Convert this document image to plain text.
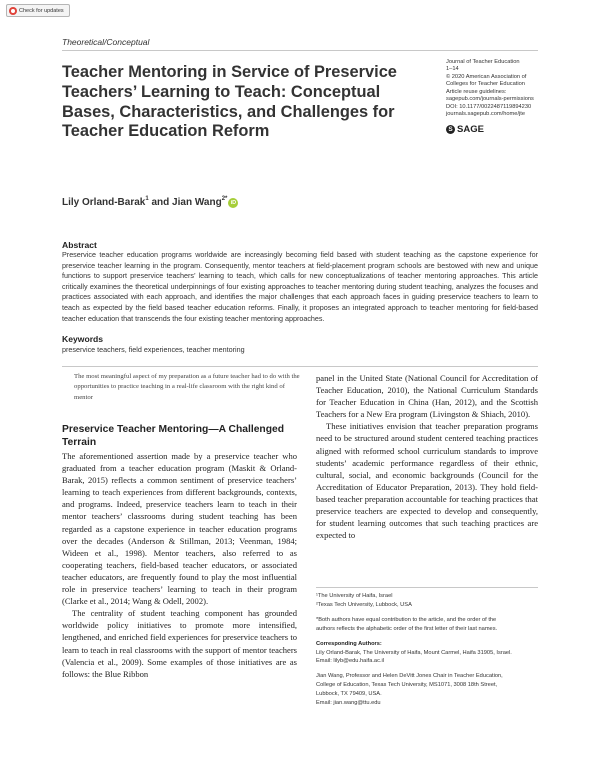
Check for updates
Theoretical/Conceptual
Teacher Mentoring in Service of Preservice Teachers’ Learning to Teach: Conceptual Bases, Characteristics, and Challenges for Teacher Education Reform
Journal of Teacher Education
1–14
© 2020 American Association of
Colleges for Teacher Education
Article reuse guidelines:
sagepub.com/journals-permissions
DOI: 10.1177/0022487119894230
journals.sagepub.com/home/jte
S SAGE
Lily Orland-Barak$^1$ and Jian Wang$^{2*}$
iD
Abstract
Preservice teacher education programs worldwide are increasingly becoming field based with student teaching as the capstone experience for preservice teacher learning in the program. Consequently, mentor teachers at field-placement program schools are bestowed with new and unique functions to support preservice teachers’ learning to teach, which calls for new conceptualizations of teacher mentoring approaches. This article critically examines the theoretical underpinnings of four existing approaches to teacher mentoring during student teaching, analyzes the focuses and practices associated with each approach, and identifies the major challenges that each approach faces in guiding preservice teachers to learn to teach as expected by the field based teacher education reforms. Finally, it proposes an integrated approach to teacher mentoring for field-based teacher education that transcends the four existing teacher mentoring approaches.
Keywords
preservice teachers, field experiences, teacher mentoring
The most meaningful aspect of my preparation as a future teacher had to do with the opportunities to practice teaching in a real-life classroom with the right kind of mentor
Preservice Teacher Mentoring—A Challenged Terrain

The aforementioned assertion made by a preservice teacher who graduated from a teacher education program (Maskit & Orland-Barak, 2015) reflects a common sentiment of preservice teachers’ learning to teach experiences from different backgrounds, contexts, and programs. Indeed, preservice teachers learn to teach in their mentor teachers’ classrooms during student teaching has been regarded as a capstone experience in teacher education programs over the decades (Anderson & Stillman, 2013; Veenman, 1984; Wideen et al., 1998). Mentor teachers, also referred to as cooperating teachers, field-based teacher educators, or associated teacher educators, are frequently found to play the most influential role in preservice teachers’ learning to teach in their program (Clarke et al., 2014; Wang & Odell, 2002).

The centrality of student teaching component has grounded worldwide policy initiatives to promote more intensified, lengthened, and enriched field experiences for preservice teachers to learn to teach in real classrooms with the support of mentor teachers (Valencia et al., 2009). Some examples of those initiatives are as follows: the Blue Ribbon

panel in the United State (National Council for Accreditation of Teacher Education, 2010), the National Curriculum Standards for Teacher Education in China (Han, 2012), and the Scottish Teachers for a New Era program (Livingston & Shiach, 2010).

These initiatives envision that teacher preparation programs need to be structured around student centered teaching practices aligned with reformed school curriculum standards to improve students’ academic performance regardless of their ethnic, cultural, social, and economic backgrounds (Council for the Accreditation of Educator Preparation, 2013). They hold field-based teacher preparation accountable for teaching practices that preservice teachers are expected to develop and consequently, for student learning outcomes that such teaching practices are expected to

¹The University of Haifa, Israel
²Texas Tech University, Lubbock, USA
*Both authors have equal contribution to the article, and the order of the
authors reflects the alphabetic order of the first letter of their last names.
Corresponding Authors:
Lily Orland-Barak, The University of Haifa, Mount Carmel, Haifa 31905, Israel.
Email: lilyb@edu.haifa.ac.il
Jian Wang, Professor and Helen DeVitt Jones Chair in Teacher Education,
College of Education, Texas Tech University, MS1071, 3008 18th Street,
Lubbock, TX 79409, USA.
Email: jian.wang@ttu.edu
